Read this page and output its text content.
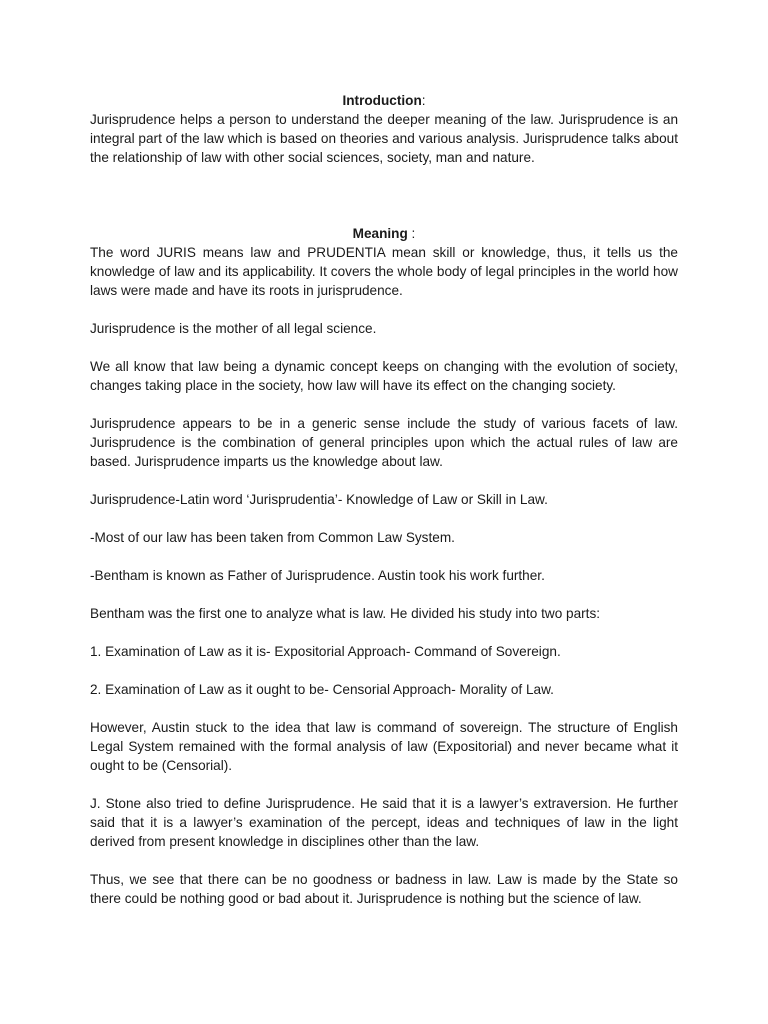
Introduction:

Jurisprudence helps a person to understand the deeper meaning of the law. Jurisprudence is an integral part of the law which is based on theories and various analysis. Jurisprudence talks about the relationship of law with other social sciences, society, man and nature.

Meaning :

The word JURIS means law and PRUDENTIA mean skill or knowledge, thus, it tells us the knowledge of law and its applicability. It covers the whole body of legal principles in the world how laws were made and have its roots in jurisprudence.

Jurisprudence is the mother of all legal science.

We all know that law being a dynamic concept keeps on changing with the evolution of society, changes taking place in the society, how law will have its effect on the changing society.

Jurisprudence appears to be in a generic sense include the study of various facets of law. Jurisprudence is the combination of general principles upon which the actual rules of law are based. Jurisprudence imparts us the knowledge about law.

Jurisprudence-Latin word ‘Jurisprudentia’- Knowledge of Law or Skill in Law.

-Most of our law has been taken from Common Law System.

-Bentham is known as Father of Jurisprudence. Austin took his work further.

Bentham was the first one to analyze what is law. He divided his study into two parts:

1. Examination of Law as it is- Expositorial Approach- Command of Sovereign.

2. Examination of Law as it ought to be- Censorial Approach- Morality of Law.

However, Austin stuck to the idea that law is command of sovereign. The structure of English Legal System remained with the formal analysis of law (Expositorial) and never became what it ought to be (Censorial).

J. Stone also tried to define Jurisprudence. He said that it is a lawyer’s extraversion. He further said that it is a lawyer’s examination of the percept, ideas and techniques of law in the light derived from present knowledge in disciplines other than the law.

Thus, we see that there can be no goodness or badness in law. Law is made by the State so there could be nothing good or bad about it. Jurisprudence is nothing but the science of law.
